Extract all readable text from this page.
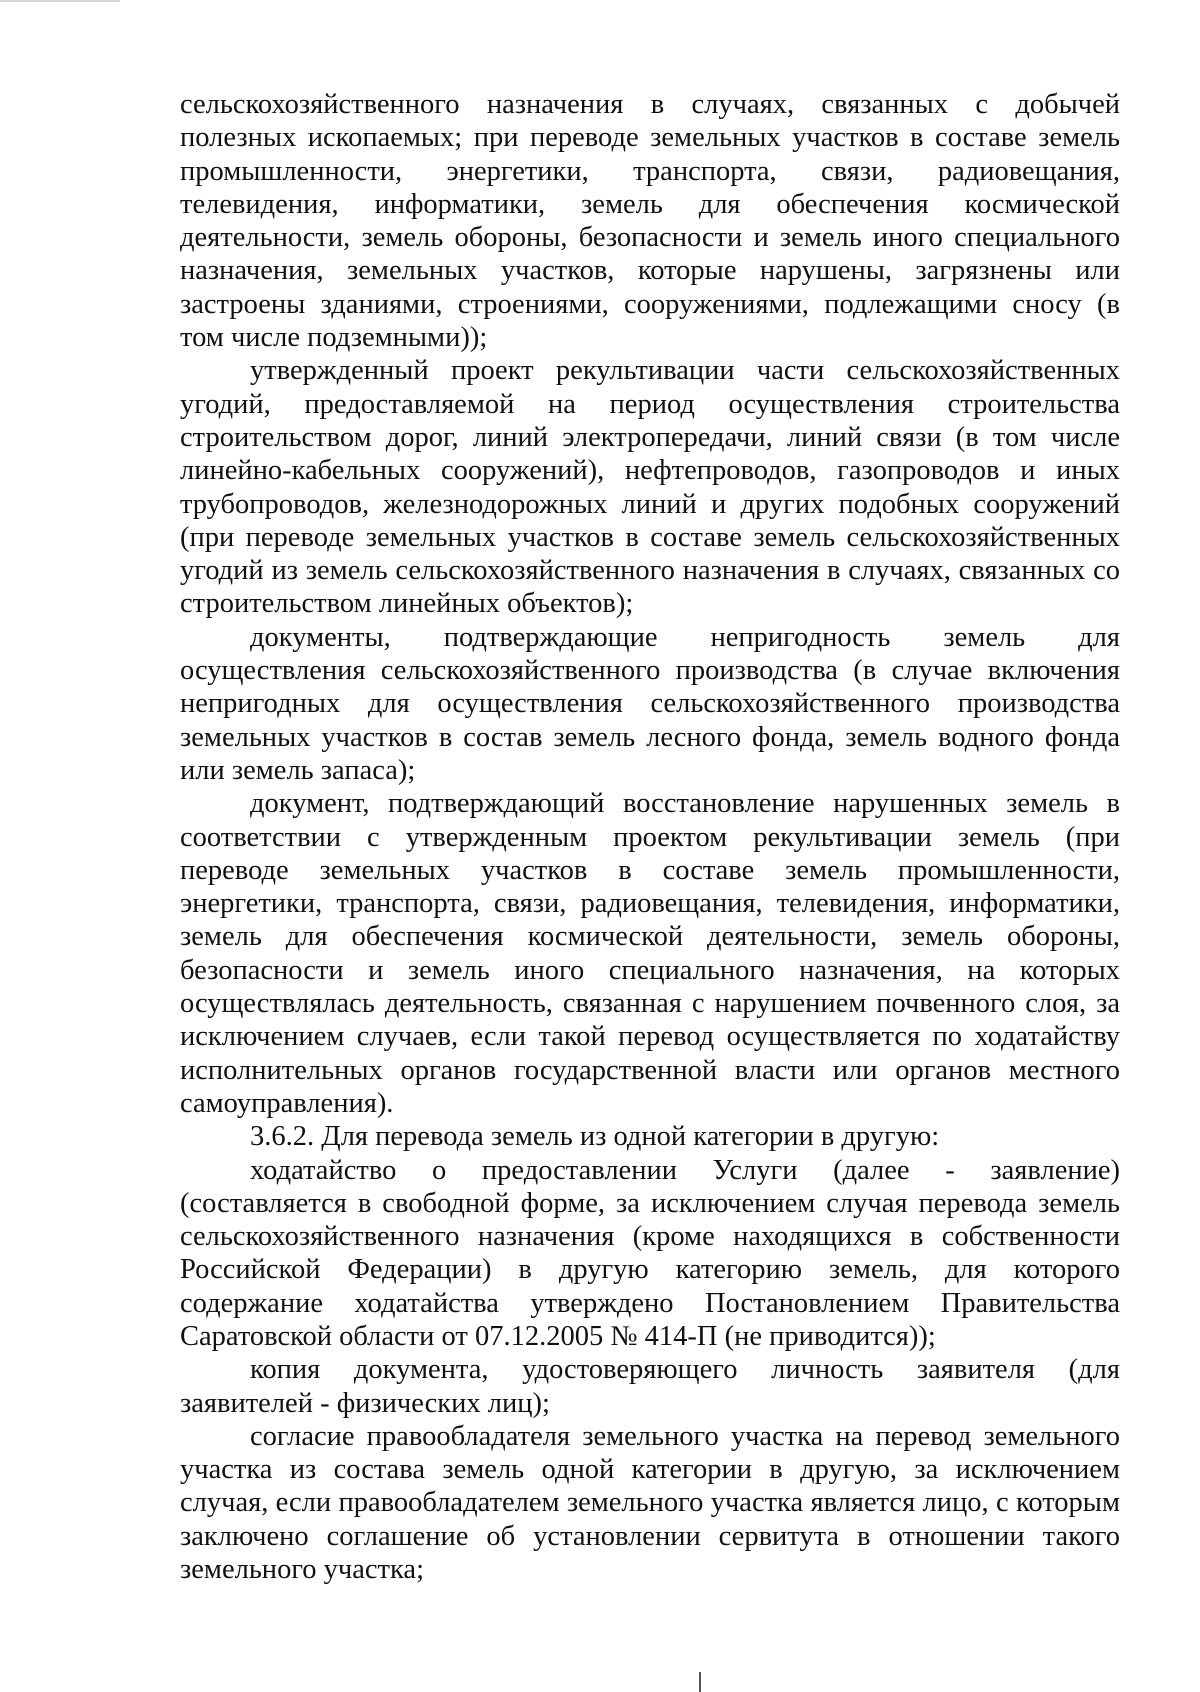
сельскохозяйственного назначения в случаях, связанных с добычей полезных ископаемых; при переводе земельных участков в составе земель промышленности, энергетики, транспорта, связи, радиовещания, телевидения, информатики, земель для обеспечения космической деятельности, земель обороны, безопасности и земель иного специального назначения, земельных участков, которые нарушены, загрязнены или застроены зданиями, строениями, сооружениями, подлежащими сносу (в том числе подземными));

утвержденный проект рекультивации части сельскохозяйственных угодий, предоставляемой на период осуществления строительства строительством дорог, линий электропередачи, линий связи (в том числе линейно-кабельных сооружений), нефтепроводов, газопроводов и иных трубопроводов, железнодорожных линий и других подобных сооружений (при переводе земельных участков в составе земель сельскохозяйственных угодий из земель сельскохозяйственного назначения в случаях, связанных со строительством линейных объектов);

документы, подтверждающие непригодность земель для осуществления сельскохозяйственного производства (в случае включения непригодных для осуществления сельскохозяйственного производства земельных участков в состав земель лесного фонда, земель водного фонда или земель запаса);

документ, подтверждающий восстановление нарушенных земель в соответствии с утвержденным проектом рекультивации земель (при переводе земельных участков в составе земель промышленности, энергетики, транспорта, связи, радиовещания, телевидения, информатики, земель для обеспечения космической деятельности, земель обороны, безопасности и земель иного специального назначения, на которых осуществлялась деятельность, связанная с нарушением почвенного слоя, за исключением случаев, если такой перевод осуществляется по ходатайству исполнительных органов государственной власти или органов местного самоуправления).

3.6.2. Для перевода земель из одной категории в другую:

ходатайство о предоставлении Услуги (далее - заявление) (составляется в свободной форме, за исключением случая перевода земель сельскохозяйственного назначения (кроме находящихся в собственности Российской Федерации) в другую категорию земель, для которого содержание ходатайства утверждено Постановлением Правительства Саратовской области от 07.12.2005 № 414-П (не приводится));

копия документа, удостоверяющего личность заявителя (для заявителей - физических лиц);

согласие правообладателя земельного участка на перевод земельного участка из состава земель одной категории в другую, за исключением случая, если правообладателем земельного участка является лицо, с которым заключено соглашение об установлении сервитута в отношении такого земельного участка;
